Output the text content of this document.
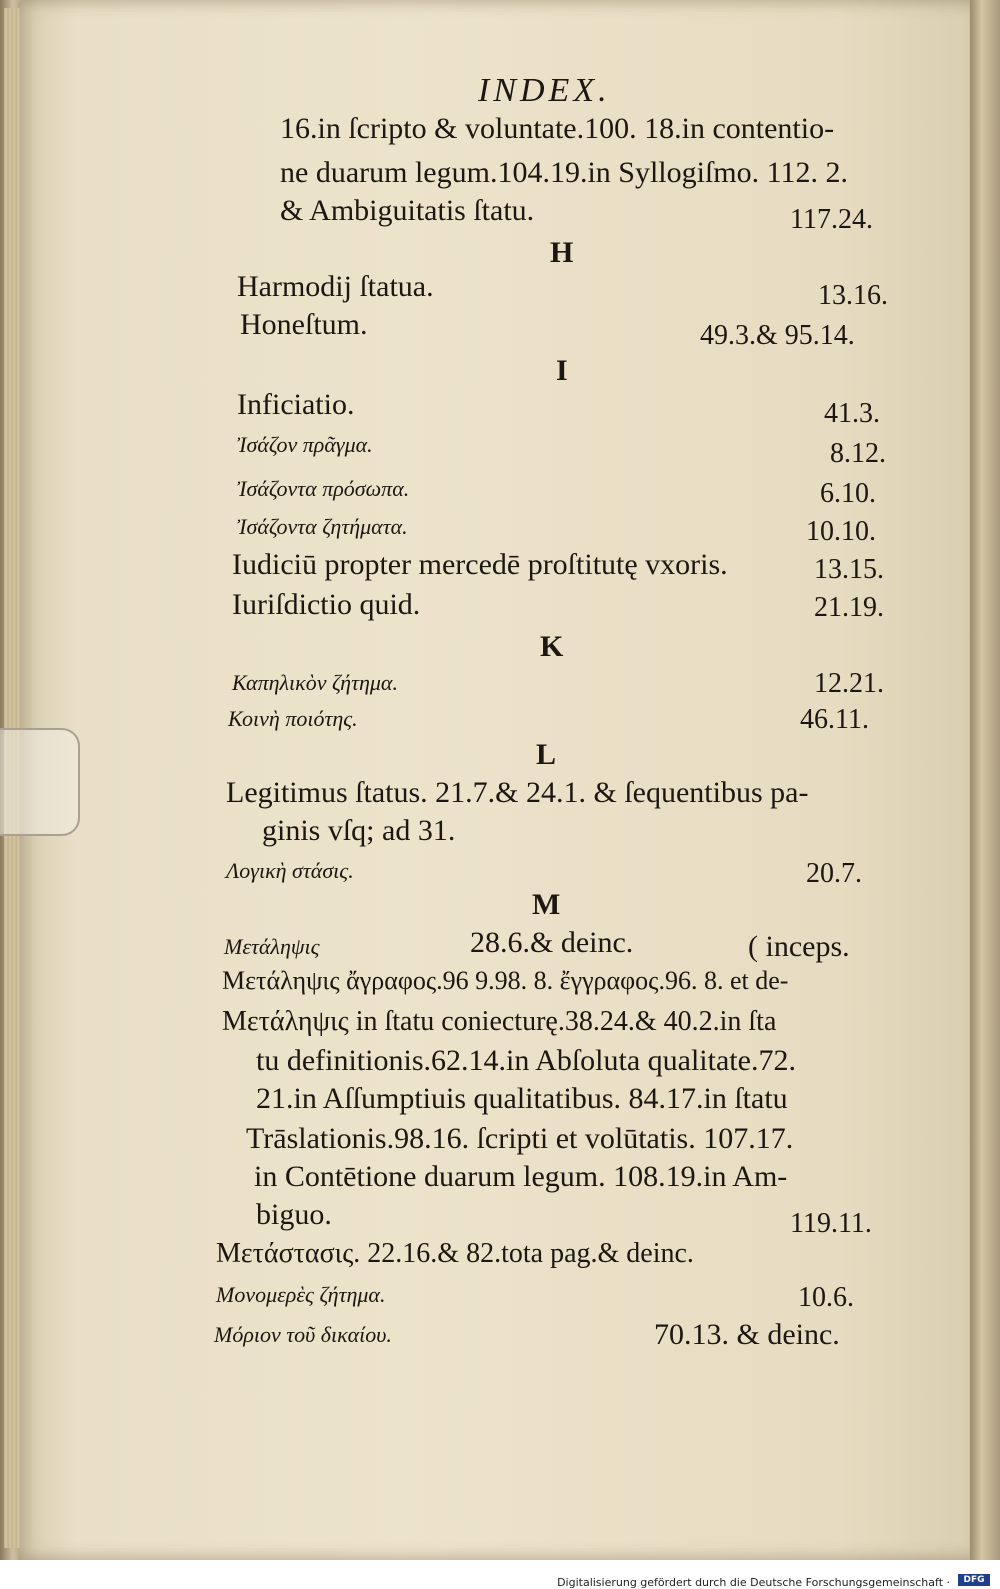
INDEX.
16.in ſcripto & voluntate.100. 18.in contentio-
ne duarum legum.104.19.in Syllogiſmo. 112. 2.
& Ambiguitatis ſtatu.	117.24.
H
Harmodij ſtatua.	13.16.
Honeſtum.	49.3.& 95.14.
I
Inficiatio.	41.3.
Ἰσάζον πρᾶγμα.	8.12.
Ἰσάζοντα πρόσωπα.	6.10.
Ἰσάζοντα ζητήματα.	10.10.
Iudiciū propter mercedē proſtitutę vxoris.	13.15.
Iuriſdictio quid.	21.19.
K
Καπηλικὸν ζήτημα.	12.21.
Κοινὴ ποιότης.	46.11.
L
Legitimus ſtatus. 21.7.& 24.1. & ſequentibus pa-
ginis vſq; ad 31.
Λογικὴ στάσις.	20.7.
M
Μετάληψις	28.6.& deinc.	( inceps.
Μετάληψις ἄγραφος.96 9.98. 8. ἔγγραφος.96. 8. et de-
Μετάληψις in ſtatu coniecturę.38.24.& 40.2.in ſta
tu definitionis.62.14.in Abſoluta qualitate.72.
21.in Aſſumptiuis qualitatibus. 84.17.in ſtatu
Trāslationis.98.16. ſcripti et volūtatis. 107.17.
in Contētione duarum legum. 108.19.in Am-
biguo.	119.11.
Μετάστασις. 22.16.& 82.tota pag.& deinc.
Μονομερὲς ζήτημα.	10.6.
Μόριον τοῦ δικαίου.	70.13. & deinc.
Digitalisierung gefördert durch die Deutsche Forschungsgemeinschaft ·	DFG
